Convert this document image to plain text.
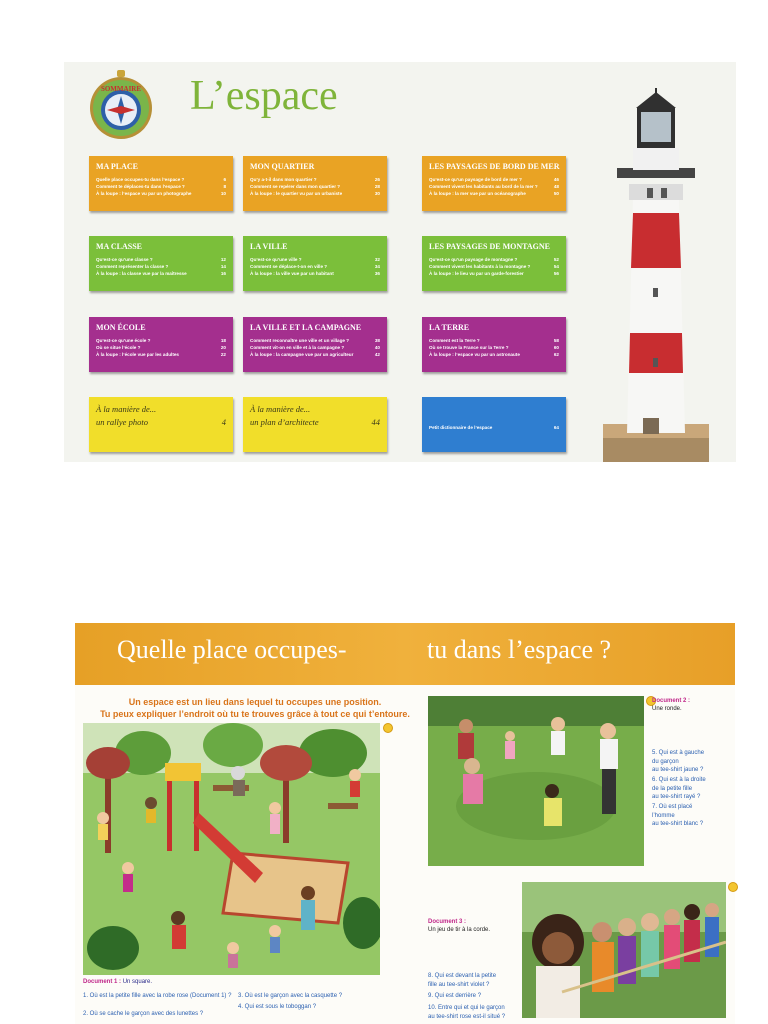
SOMMAIRE L’espace
MA PLACE
Quelle place occupes-tu dans l’espace ?	6
Comment te déplaces-tu dans l’espace ?	8
À la loupe : l’espace vu par un photographe	10
MON QUARTIER
Qu’y a-t-il dans mon quartier ?	26
Comment se repérer dans mon quartier ?	28
À la loupe : le quartier vu par un urbaniste	30
LES PAYSAGES DE BORD DE MER
Qu’est-ce qu’un paysage de bord de mer ?	46
Comment vivent les habitants au bord de la mer ?	48
À la loupe : la mer vue par un océanographe	50
MA CLASSE
Qu’est-ce qu’une classe ?	12
Comment représenter la classe ?	14
À la loupe : la classe vue par la maîtresse	16
LA VILLE
Qu’est-ce qu’une ville ?	32
Comment se déplace-t-on en ville ?	34
À la loupe : la ville vue par un habitant	36
LES PAYSAGES DE MONTAGNE
Qu’est-ce qu’un paysage de montagne ?	52
Comment vivent les habitants à la montagne ?	54
À la loupe : le lieu vu par un garde-forestier	56
MON ÉCOLE
Qu’est-ce qu’une école ?	18
Où se situe l’école ?	20
À la loupe : l’école vue par les adultes	22
LA VILLE ET LA CAMPAGNE
Comment reconnaître une ville et un village ?	38
Comment vit-on en ville et à la campagne ?	40
À la loupe : la campagne vue par un agriculteur	42
LA TERRE
Comment est la Terre ?	58
Où se trouve la France sur la Terre ?	60
À la loupe : l’espace vu par un astronaute	62
À la manière de...
un rallye photo	4
À la manière de...
un plan d’architecte	44
Petit dictionnaire de l’espace	64
Quelle place occupes-	tu dans l’espace ?
Un espace est un lieu dans lequel tu occupes une position.
Tu peux expliquer l’endroit où tu te trouves grâce à tout ce qui t’entoure.
Document 1 : Un square.
1. Où est la petite fille avec la robe rose (Document 1) ?
2. Où se cache le garçon avec des lunettes ?
3. Où est le garçon avec la casquette ?
4. Qui est sous le toboggan ?
Document 2 :
Une ronde.
5. Qui est à gauche
du garçon
au tee-shirt jaune ?
6. Qui est à la droite
de la petite fille
au tee-shirt rayé ?
7. Où est placé
l’homme
au tee-shirt blanc ?
Document 3 :
Un jeu de tir à la corde.
8. Qui est devant la petite
fille au tee-shirt violet ?
9. Qui est derrière ?
10. Entre qui et qui le garçon
au tee-shirt rose est-il situé ?
